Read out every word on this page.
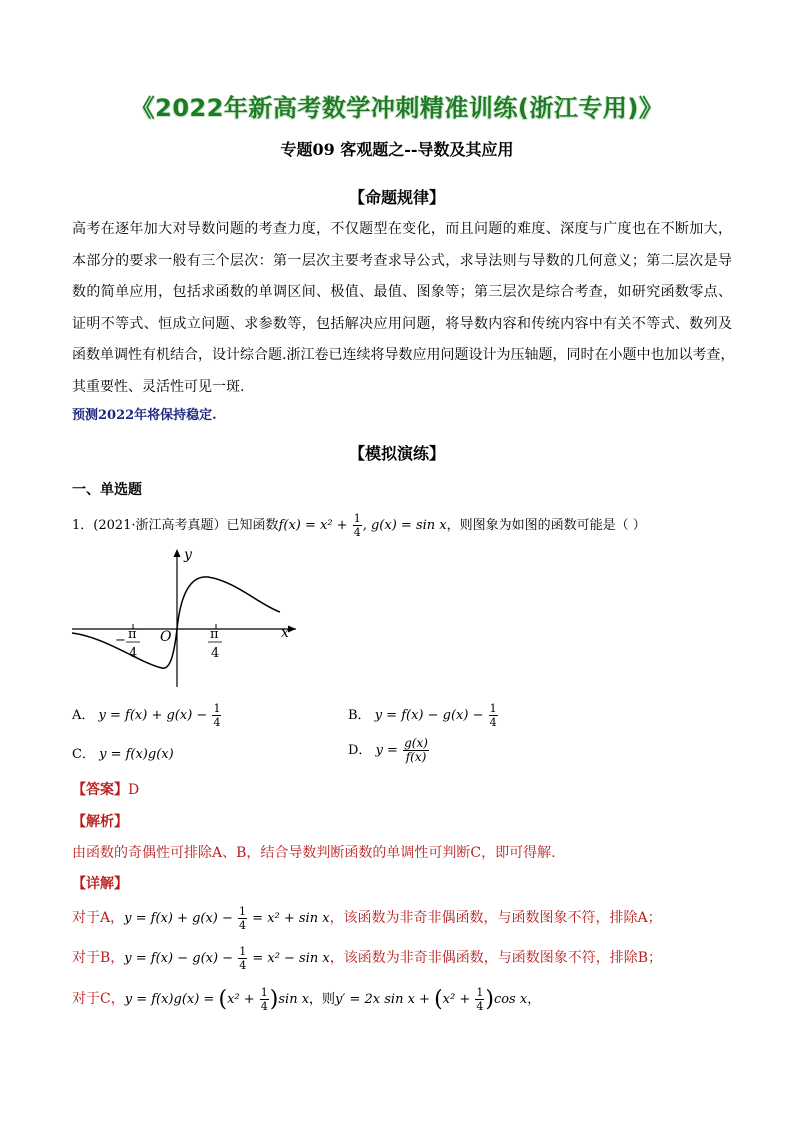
《2022年新高考数学冲刺精准训练(浙江专用)》
专题09 客观题之--导数及其应用
【命题规律】
高考在逐年加大对导数问题的考查力度，不仅题型在变化，而且问题的难度、深度与广度也在不断加大，
本部分的要求一般有三个层次：第一层次主要考查求导公式，求导法则与导数的几何意义；第二层次是导
数的简单应用，包括求函数的单调区间、极值、最值、图象等；第三层次是综合考查，如研究函数零点、
证明不等式、恒成立问题、求参数等，包括解决应用问题，将导数内容和传统内容中有关不等式、数列及
函数单调性有机结合，设计综合题.浙江卷已连续将导数应用问题设计为压轴题，同时在小题中也加以考查，
其重要性、灵活性可见一斑.
预测2022年将保持稳定.
【模拟演练】
一、单选题
1．(2021·浙江高考真题）已知函数$f(x) = x^2 + \frac{1}{4}$ , g(x) = sin x，则图象为如图的函数可能是（ ）
y
x
O
− π
4
π
4
A． $y = f(x) + g(x) - \frac{1}{4}$	B． $y = f(x) - g(x) - \frac{1}{4}$
C． y = f(x)g(x)	D． $y = \frac{g(x)}{f(x)}$
【答案】D
【解析】
由函数的奇偶性可排除A、B，结合导数判断函数的单调性可判断C，即可得解.
【详解】
对于A，$y = f(x) + g(x) - \frac{1}{4} = x^2 + \sin x$，该函数为非奇非偶函数，与函数图象不符，排除A；
对于B，$y = f(x) - g(x) - \frac{1}{4} = x^2 - \sin x$，该函数为非奇非偶函数，与函数图象不符，排除B；
对于C，$y = f(x)g(x) = (x^2 + \frac{1}{4} )\sin$ x，则y′ = 2x $\sin x + (x^2 + \frac{1}{4} )\cos$ x，
